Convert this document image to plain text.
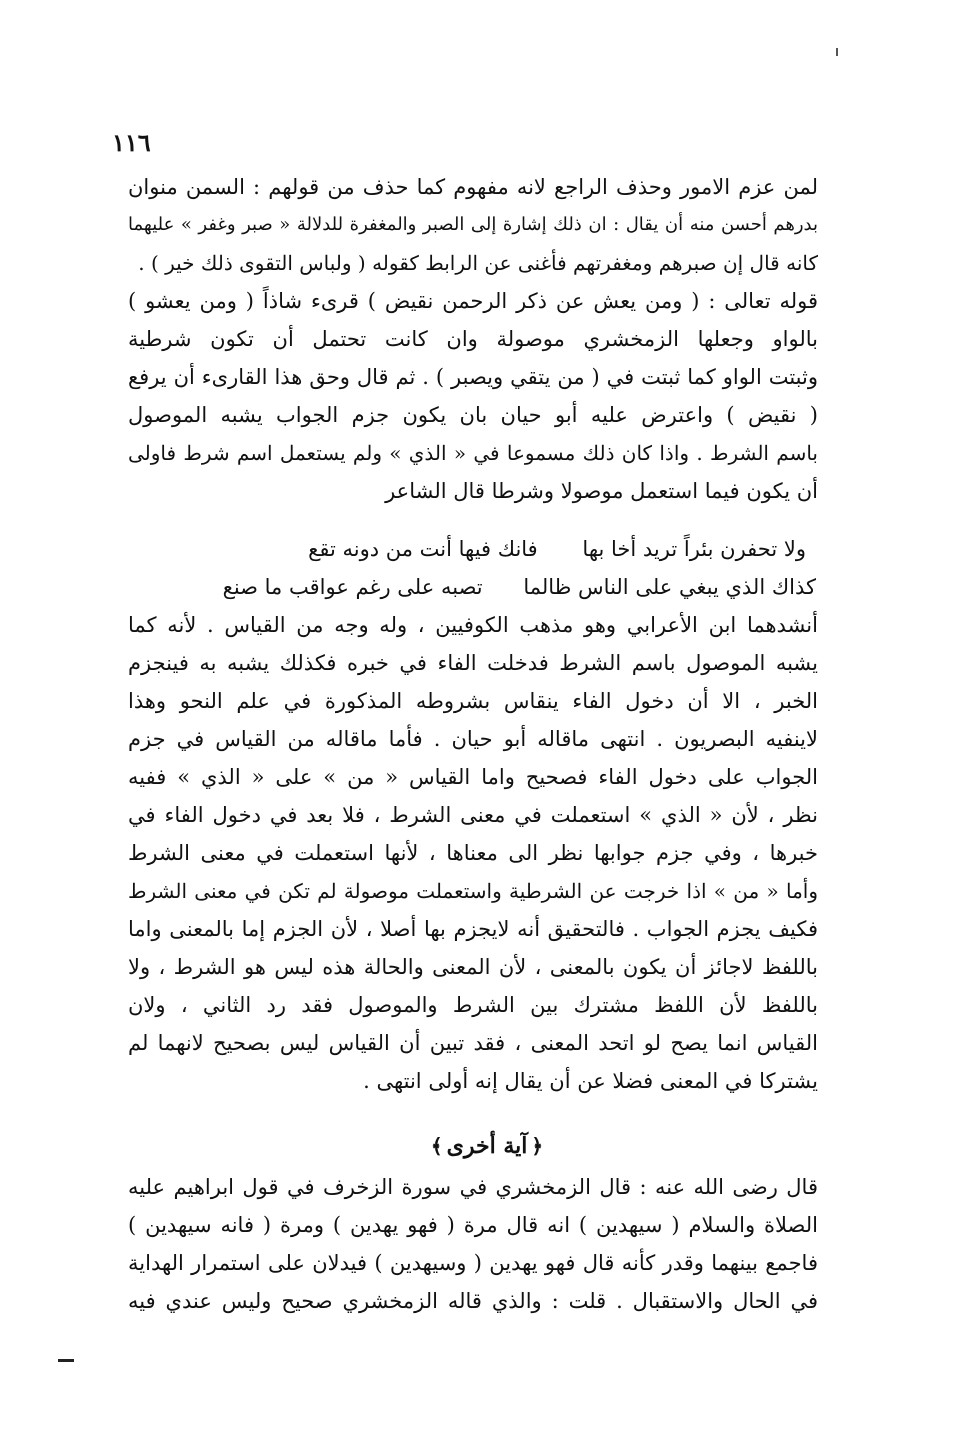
١١٦
لمن عزم الامور وحذف الراجع لانه مفهوم كما حذف من قولهم : السمن منوان
بدرهم أحسن منه أن يقال : ان ذلك إشارة إلى الصبر والمغفرة للدلالة « صبر وغفر » عليهما
كانه قال إن صبرهم ومغفرتهم فأغنى عن الرابط كقوله ( ولباس التقوى ذلك خير ) .
قوله تعالى : ( ومن يعش عن ذكر الرحمن نقيض ) قرىء شاذاً ( ومن يعشو )
بالواو وجعلها الزمخشري موصولة وان كانت تحتمل أن تكون شرطية
وثبتت الواو كما ثبتت في ( من يتقي ويصبر ) . ثم قال وحق هذا القارىء أن يرفع
( نقيض ) واعترض عليه أبو حيان بان يكون جزم الجواب يشبه الموصول
باسم الشرط . واذا كان ذلك مسموعا في « الذي » ولم يستعمل اسم شرط فاولى
أن يكون فيما استعمل موصولا وشرطا قال الشاعر
ولا تحفرن بئراً تريد أخا بها فانك فيها أنت من دونه تقع
كذاك الذي يبغي على الناس ظالما تصبه على رغم عواقب ما صنع
أنشدهما ابن الأعرابي وهو مذهب الكوفيين ، وله وجه من القياس . لأنه كما
يشبه الموصول باسم الشرط فدخلت الفاء في خبره فكذلك يشبه به فينجزم
الخبر ، الا أن دخول الفاء ينقاس بشروطه المذكورة في علم النحو وهذا
لاينفيه البصريون . انتهى ماقاله أبو حيان . فأما ماقاله من القياس في جزم
الجواب على دخول الفاء فصحيح واما القياس « من » على « الذي » ففيه
نظر ، لأن « الذي » استعملت في معنى الشرط ، فلا بعد في دخول الفاء في
خبرها ، وفي جزم جوابها نظر الى معناها ، لأنها استعملت في معنى الشرط
وأما « من » اذا خرجت عن الشرطية واستعملت موصولة لم تكن في معنى الشرط
فكيف يجزم الجواب . فالتحقيق أنه لايجزم بها أصلا ، لأن الجزم إما بالمعنى واما
باللفظ لاجائز أن يكون بالمعنى ، لأن المعنى والحالة هذه ليس هو الشرط ، ولا
باللفظ لأن اللفظ مشترك بين الشرط والموصول فقد رد الثاني ، ولان
القياس انما يصح لو اتحد المعنى ، فقد تبين أن القياس ليس بصحيح لانهما لم
يشتركا في المعنى فضلا عن أن يقال إنه أولى انتهى .
﴿آية أخرى﴾
قال رضى الله عنه : قال الزمخشري في سورة الزخرف في قول ابراهيم عليه
الصلاة والسلام ( سيهدين ) انه قال مرة ( فهو يهدين ) ومرة ( فانه سيهدين )
فاجمع بينهما وقدر كأنه قال فهو يهدين ( وسيهدين ) فيدلان على استمرار الهداية
في الحال والاستقبال . قلت : والذي قاله الزمخشري صحيح وليس عندي فيه
